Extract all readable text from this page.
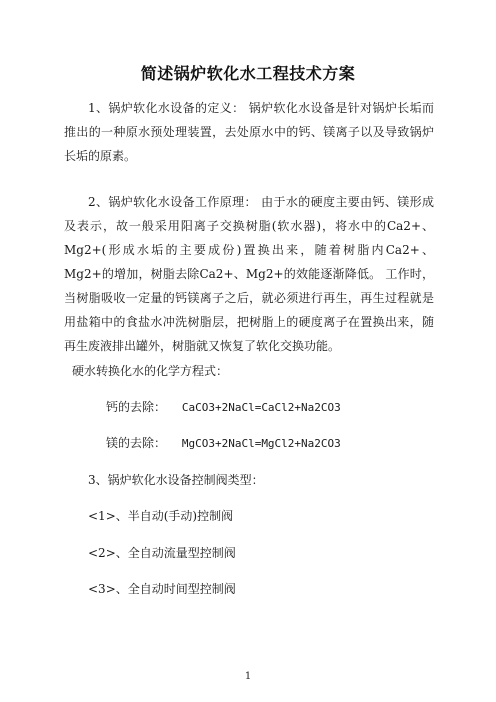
简述锅炉软化水工程技术方案

1、锅炉软化水设备的定义： 锅炉软化水设备是针对锅炉长垢而推出的一种原水预处理装置，去处原水中的钙、镁离子以及导致锅炉长垢的原素。

2、锅炉软化水设备工作原理： 由于水的硬度主要由钙、镁形成及表示，故一般采用阳离子交换树脂(软水器)，将水中的Ca2+、Mg2+(形成水垢的主要成份)置换出来，随着树脂内Ca2+、Mg2+的增加，树脂去除Ca2+、Mg2+的效能逐渐降低。 工作时，当树脂吸收一定量的钙镁离子之后，就必须进行再生，再生过程就是用盐箱中的食盐水冲洗树脂层，把树脂上的硬度离子在置换出来，随再生废液排出罐外，树脂就又恢复了软化交换功能。

硬水转换化水的化学方程式：
钙的去除： CaCO3+2NaCl=CaCl2+Na2CO3
镁的去除： MgCO3+2NaCl=MgCl2+Na2CO3
3、锅炉软化水设备控制阀类型：
<1>、半自动(手动)控制阀
<2>、全自动流量型控制阀
<3>、全自动时间型控制阀
1
